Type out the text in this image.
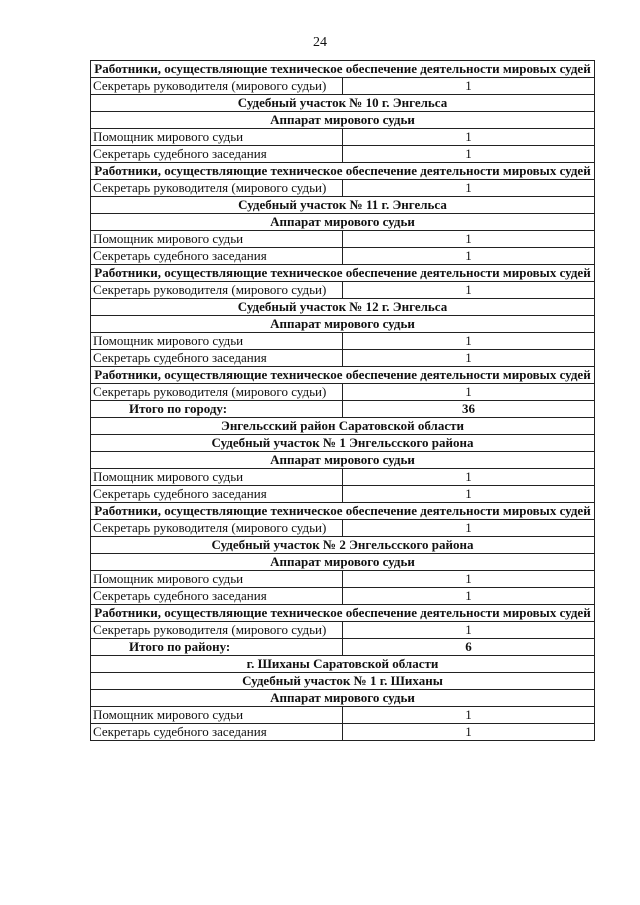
24
Работники, осуществляющие техническое обеспечение деятельности мировых судей	
Секретарь руководителя (мирового судьи)	1
Судебный участок № 10 г. Энгельса	
Аппарат мирового судьи	
Помощник мирового судьи	1
Секретарь судебного заседания	1
Работники, осуществляющие техническое обеспечение деятельности мировых судей	
Секретарь руководителя (мирового судьи)	1
Судебный участок № 11 г. Энгельса	
Аппарат мирового судьи	
Помощник мирового судьи	1
Секретарь судебного заседания	1
Работники, осуществляющие техническое обеспечение деятельности мировых судей	
Секретарь руководителя (мирового судьи)	1
Судебный участок № 12 г. Энгельса	
Аппарат мирового судьи	
Помощник мирового судьи	1
Секретарь судебного заседания	1
Работники, осуществляющие техническое обеспечение деятельности мировых судей	
Секретарь руководителя (мирового судьи)	1
Итого по городу:	36
Энгельсский район Саратовской области	
Судебный участок № 1 Энгельсского района	
Аппарат мирового судьи	
Помощник мирового судьи	1
Секретарь судебного заседания	1
Работники, осуществляющие техническое обеспечение деятельности мировых судей	
Секретарь руководителя (мирового судьи)	1
Судебный участок № 2 Энгельсского района	
Аппарат мирового судьи	
Помощник мирового судьи	1
Секретарь судебного заседания	1
Работники, осуществляющие техническое обеспечение деятельности мировых судей	
Секретарь руководителя (мирового судьи)	1
Итого по району:	6
г. Шиханы Саратовской области	
Судебный участок № 1 г. Шиханы	
Аппарат мирового судьи	
Помощник мирового судьи	1
Секретарь судебного заседания	1
